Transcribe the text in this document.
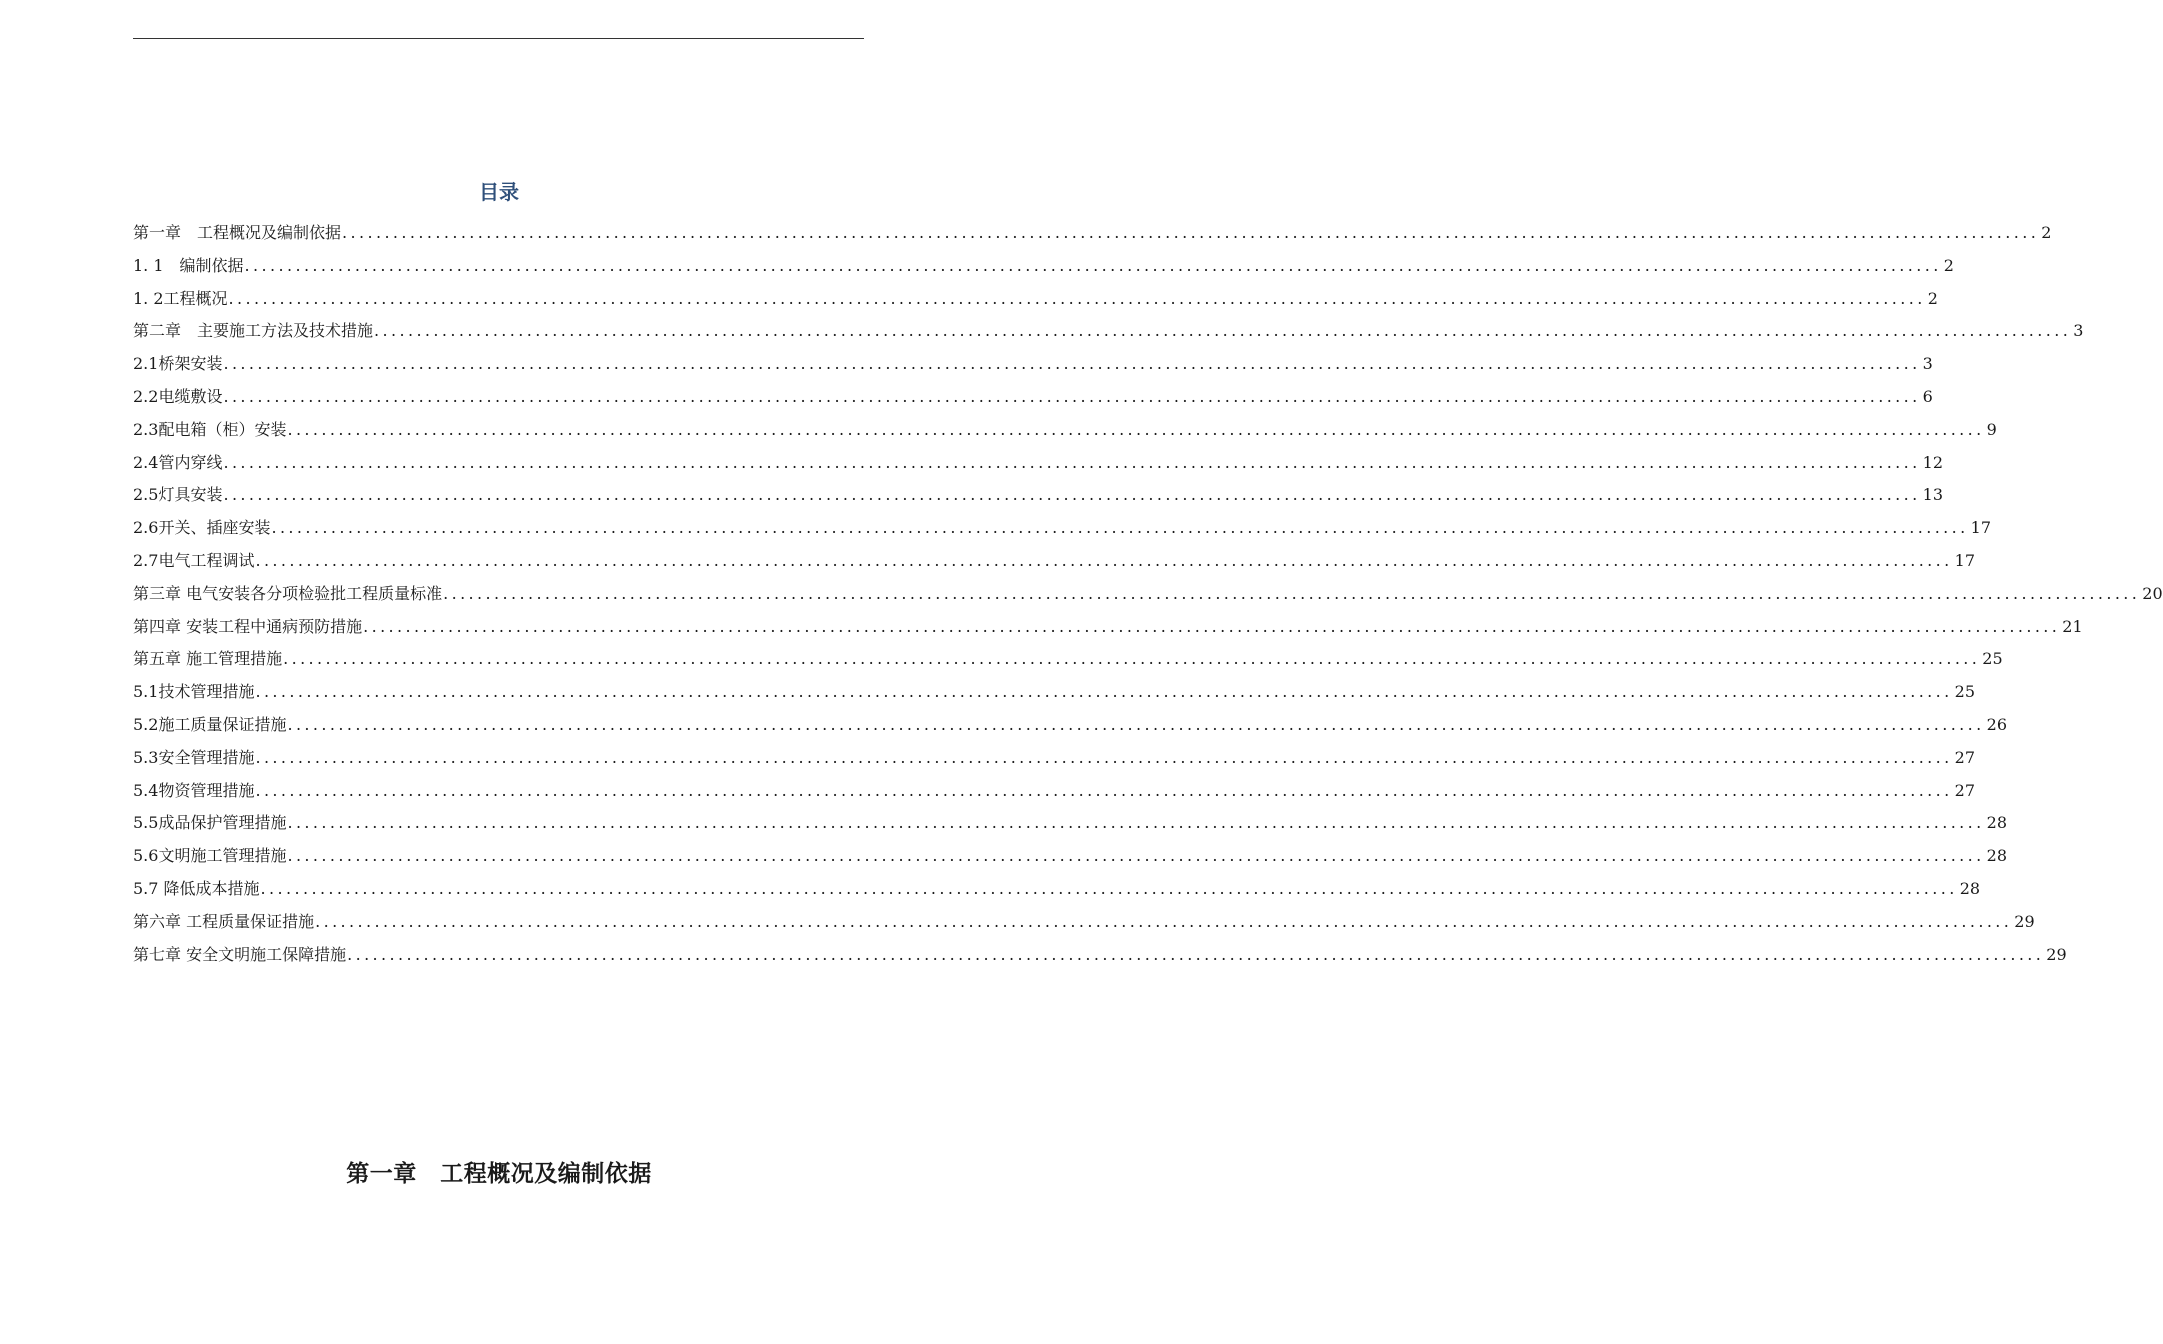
目录
第一章　工程概况及编制依据 ........................................................................................................................................................................................................ 2
1. 1　编制依据 ........................................................................................................................................................................................................ 2
1. 2工程概况 ........................................................................................................................................................................................................ 2
第二章　主要施工方法及技术措施 ........................................................................................................................................................................................................ 3
2.1桥架安装 ........................................................................................................................................................................................................ 3
2.2电缆敷设 ........................................................................................................................................................................................................ 6
2.3配电箱（柜）安装 ........................................................................................................................................................................................................ 9
2.4管内穿线 ........................................................................................................................................................................................................ 12
2.5灯具安装 ........................................................................................................................................................................................................ 13
2.6开关、插座安装 ........................................................................................................................................................................................................ 17
2.7电气工程调试 ........................................................................................................................................................................................................ 17
第三章 电气安装各分项检验批工程质量标准 ........................................................................................................................................................................................................ 20
第四章 安装工程中通病预防措施 ........................................................................................................................................................................................................ 21
第五章 施工管理措施 ........................................................................................................................................................................................................ 25
5.1技术管理措施 ........................................................................................................................................................................................................ 25
5.2施工质量保证措施 ........................................................................................................................................................................................................ 26
5.3安全管理措施 ........................................................................................................................................................................................................ 27
5.4物资管理措施 ........................................................................................................................................................................................................ 27
5.5成品保护管理措施 ........................................................................................................................................................................................................ 28
5.6文明施工管理措施 ........................................................................................................................................................................................................ 28
5.7 降低成本措施 ........................................................................................................................................................................................................ 28
第六章 工程质量保证措施 ........................................................................................................................................................................................................ 29
第七章 安全文明施工保障措施 ........................................................................................................................................................................................................ 29
第一章　工程概况及编制依据
